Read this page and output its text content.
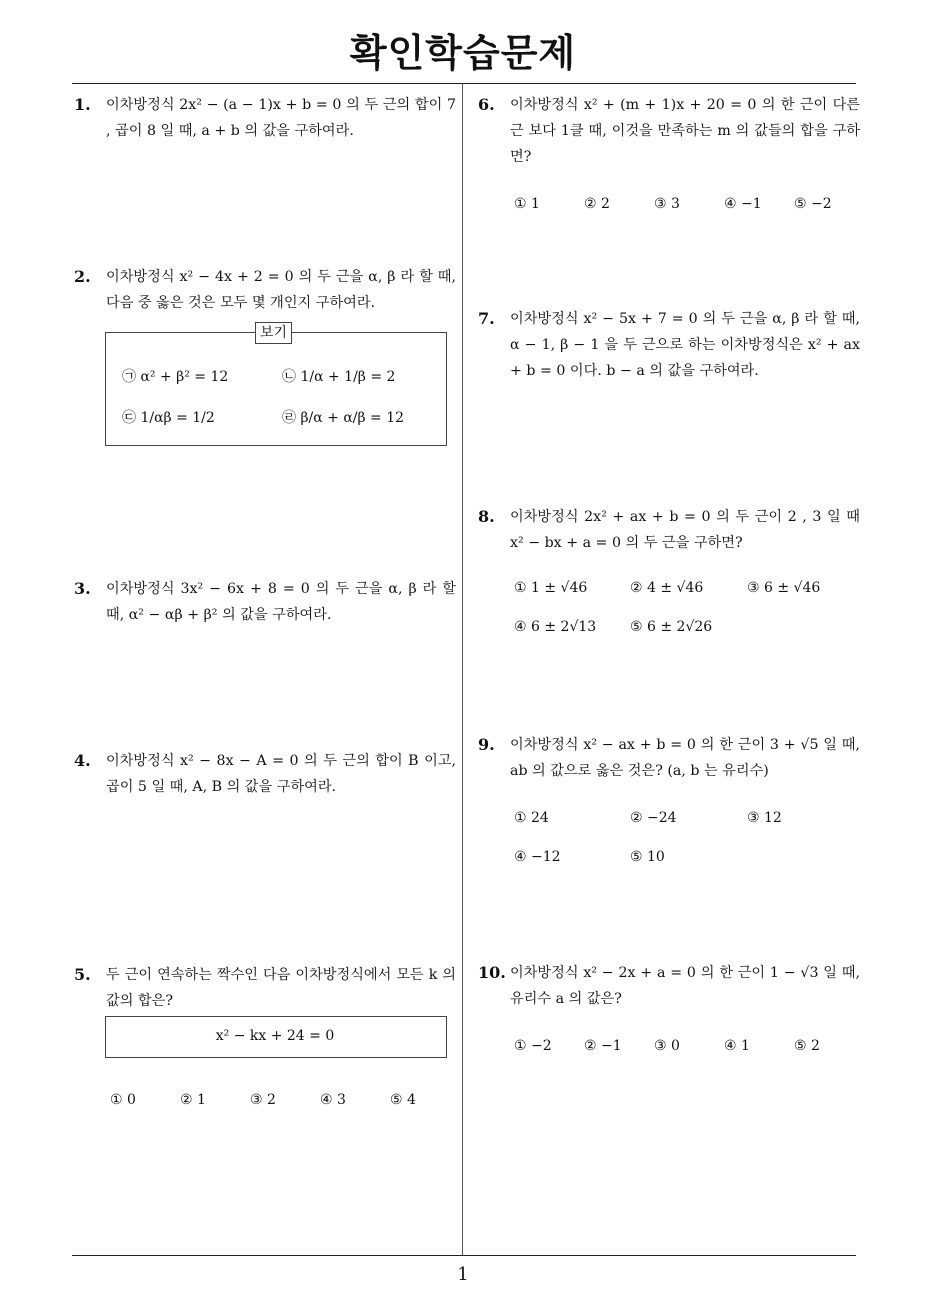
확인학습문제
1. 이차방정식 2x² − (a − 1)x + b = 0 의 두 근의 합이 7 , 곱이 8 일 때, a + b 의 값을 구하여라.
2. 이차방정식 x² − 4x + 2 = 0 의 두 근을 α, β 라 할 때, 다음 중 옳은 것은 모두 몇 개인지 구하여라.
보기
㉠ α² + β² = 12	㉡ 1/α + 1/β = 2
㉢ 1/αβ = 1/2	㉣ β/α + α/β = 12
3. 이차방정식 3x² − 6x + 8 = 0 의 두 근을 α, β 라 할 때, α² − αβ + β² 의 값을 구하여라.
4. 이차방정식 x² − 8x − A = 0 의 두 근의 합이 B 이고, 곱이 5 일 때, A, B 의 값을 구하여라.
5. 두 근이 연속하는 짝수인 다음 이차방정식에서 모든 k 의 값의 합은?
x² − kx + 24 = 0
① 0	② 1	③ 2	④ 3	⑤ 4
6. 이차방정식 x² + (m + 1)x + 20 = 0 의 한 근이 다른 근 보다 1클 때, 이것을 만족하는 m 의 값들의 합을 구하면?
① 1	② 2	③ 3	④ −1 ⑤ −2
7. 이차방정식 x² − 5x + 7 = 0 의 두 근을 α, β 라 할 때, α − 1, β − 1 을 두 근으로 하는 이차방정식은 x² + ax + b = 0 이다. b − a 의 값을 구하여라.
8. 이차방정식 2x² + ax + b = 0 의 두 근이 2 , 3 일 때 x² − bx + a = 0 의 두 근을 구하면?
① 1 ± √46	② 4 ± √46	③ 6 ± √46
④ 6 ± 2√13 ⑤ 6 ± 2√26
9. 이차방정식 x² − ax + b = 0 의 한 근이 3 + √5 일 때, ab 의 값으로 옳은 것은? (a, b 는 유리수)
① 24	② −24	③ 12
④ −12	⑤ 10
10. 이차방정식 x² − 2x + a = 0 의 한 근이 1 − √3 일 때, 유리수 a 의 값은?
① −2 ② −1 ③ 0	④ 1	⑤ 2
1
